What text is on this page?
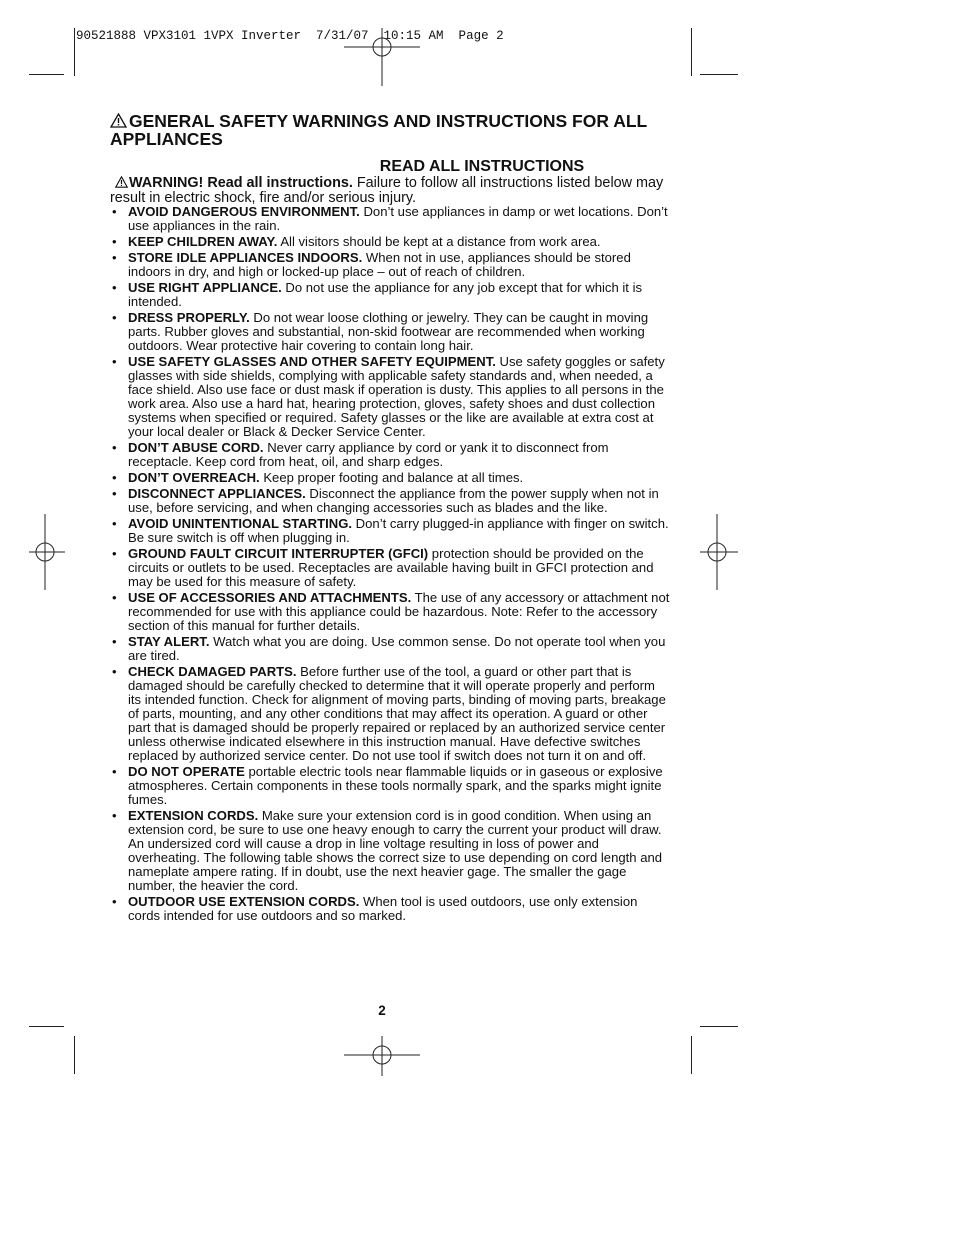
90521888 VPX3101 1VPX Inverter  7/31/07  10:15 AM  Page 2
GENERAL SAFETY WARNINGS AND INSTRUCTIONS FOR ALL APPLIANCES
READ ALL INSTRUCTIONS
WARNING! Read all instructions. Failure to follow all instructions listed below may result in electric shock, fire and/or serious injury.
• AVOID DANGEROUS ENVIRONMENT. Don’t use appliances in damp or wet locations. Don’t use appliances in the rain.
• KEEP CHILDREN AWAY. All visitors should be kept at a distance from work area.
• STORE IDLE APPLIANCES INDOORS. When not in use, appliances should be stored indoors in dry, and high or locked-up place – out of reach of children.
• USE RIGHT APPLIANCE. Do not use the appliance for any job except that for which it is intended.
• DRESS PROPERLY. Do not wear loose clothing or jewelry. They can be caught in moving parts. Rubber gloves and substantial, non-skid footwear are recommended when working outdoors. Wear protective hair covering to contain long hair.
• USE SAFETY GLASSES AND OTHER SAFETY EQUIPMENT. Use safety goggles or safety glasses with side shields, complying with applicable safety standards and, when needed, a face shield. Also use face or dust mask if operation is dusty. This applies to all persons in the work area. Also use a hard hat, hearing protection, gloves, safety shoes and dust collection systems when specified or required. Safety glasses or the like are available at extra cost at your local dealer or Black & Decker Service Center.
• DON’T ABUSE CORD. Never carry appliance by cord or yank it to disconnect from receptacle. Keep cord from heat, oil, and sharp edges.
• DON’T OVERREACH. Keep proper footing and balance at all times.
• DISCONNECT APPLIANCES. Disconnect the appliance from the power supply when not in use, before servicing, and when changing accessories such as blades and the like.
• AVOID UNINTENTIONAL STARTING. Don’t carry plugged-in appliance with finger on switch. Be sure switch is off when plugging in.
• GROUND FAULT CIRCUIT INTERRUPTER (GFCI) protection should be provided on the circuits or outlets to be used. Receptacles are available having built in GFCI protection and may be used for this measure of safety.
• USE OF ACCESSORIES AND ATTACHMENTS. The use of any accessory or attachment not recommended for use with this appliance could be hazardous. Note: Refer to the accessory section of this manual for further details.
• STAY ALERT. Watch what you are doing. Use common sense. Do not operate tool when you are tired.
• CHECK DAMAGED PARTS. Before further use of the tool, a guard or other part that is damaged should be carefully checked to determine that it will operate properly and perform its intended function. Check for alignment of moving parts, binding of moving parts, breakage of parts, mounting, and any other conditions that may affect its operation. A guard or other part that is damaged should be properly repaired or replaced by an authorized service center unless otherwise indicated elsewhere in this instruction manual. Have defective switches replaced by authorized service center. Do not use tool if switch does not turn it on and off.
• DO NOT OPERATE portable electric tools near flammable liquids or in gaseous or explosive atmospheres. Certain components in these tools normally spark, and the sparks might ignite fumes.
• EXTENSION CORDS. Make sure your extension cord is in good condition. When using an extension cord, be sure to use one heavy enough to carry the current your product will draw. An undersized cord will cause a drop in line voltage resulting in loss of power and overheating. The following table shows the correct size to use depending on cord length and nameplate ampere rating. If in doubt, use the next heavier gage. The smaller the gage number, the heavier the cord.
• OUTDOOR USE EXTENSION CORDS. When tool is used outdoors, use only extension cords intended for use outdoors and so marked.
2
